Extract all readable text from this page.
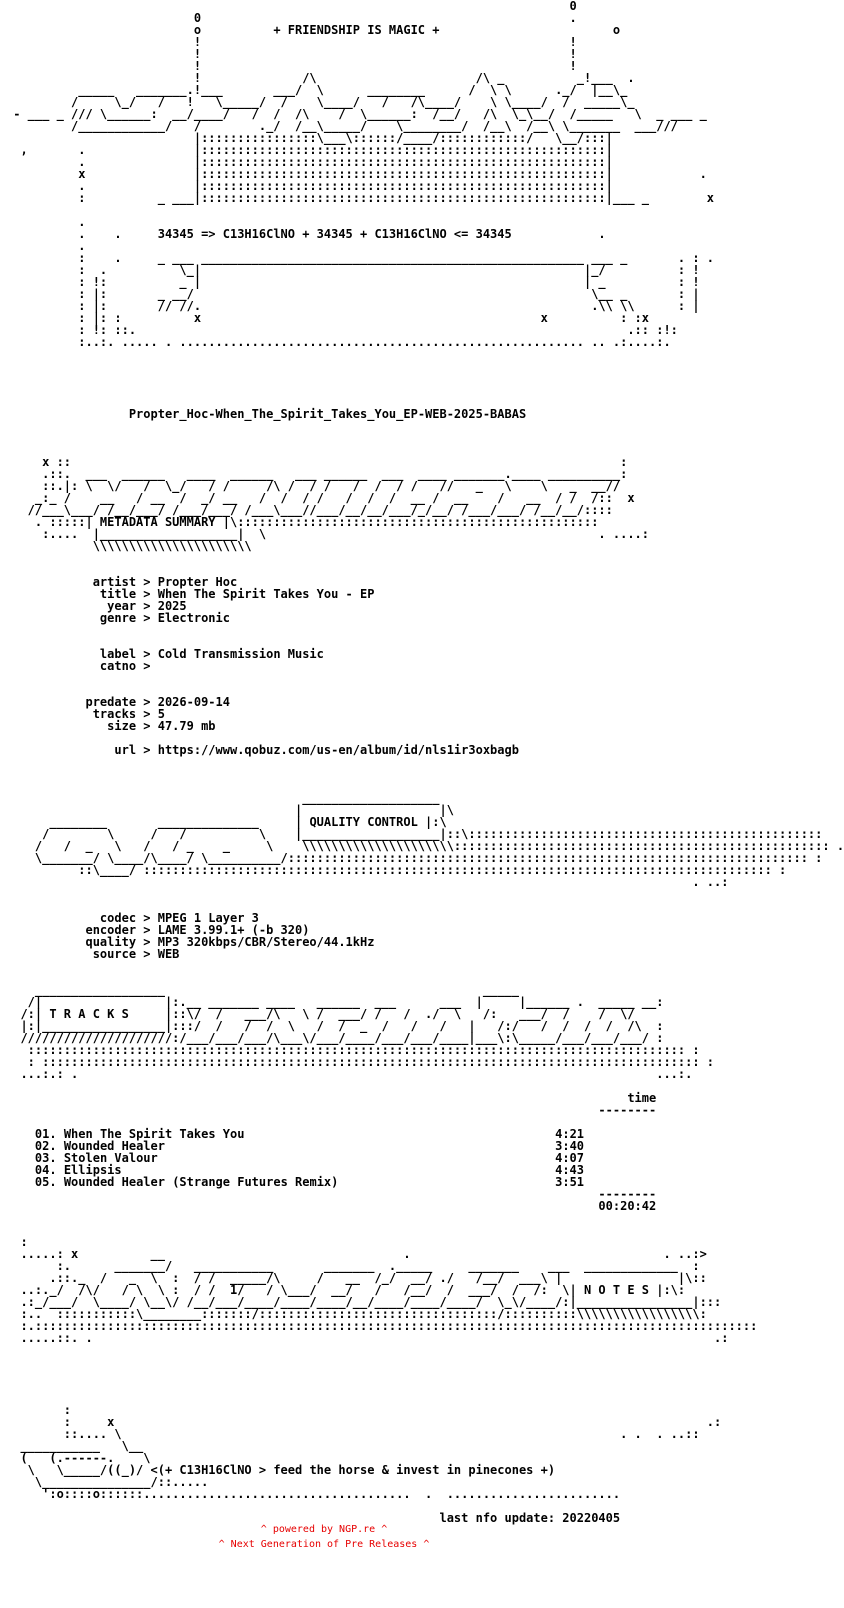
0
0                                                   .
o	+ FRIENDSHIP IS MAGIC +	o
!                                                   !
!                                                   !
!                                                   !
!              /\                      /\ _          _!___  .
_____   _______.!___       ___/  \      ________      /  \ \      ._/  |__\_
/     \_/   /   !   \_____/  /    \____/   /   /\____/    \ \____/  /  _____\_
- ___ _ /// \______:  __/____/   /  /  /\    /  \______:  /__/   /\  \_\__/  /_____   \  _ ___ _
/____________/   /        ._/  /__\_____/    \________/  /__\  /__\ \_______  ___///
|::::::::::::::::\___\::::::/____/::::::::::::/   \__/:::|
,       .               |::::::::::::::::::::::::::::::::::::::::::::::::::::::::|
.               |::::::::::::::::::::::::::::::::::::::::::::::::::::::::|
x               |::::::::::::::::::::::::::::::::::::::::::::::::::::::::|            .
.               |::::::::::::::::::::::::::::::::::::::::::::::::::::::::|
:          _ ___|::::::::::::::::::::::::::::::::::::::::::::::::::::::::|___ _        x

.
.    .	34345 => C13H16ClNO + 34345 + C13H16ClNO <= 34345	.
.
:    .     _ ___ _____________________________________________________ ___ _       . : .
:  .          \_|                                                     |_/          : !
: !:          _ |                                                     | _          : !
: |:       _ __/                                                       \__ _       : |
: |:       // //.                                                      .\\ \\      : |
: |: :          x                                               x          : :x
: !: ::.                                                                    .:: :!:
:..:. ..... . ........................................................ .. .:....:.

Propter_Hoc-When_The_Spirit_Takes_You_EP-WEB-2025-BABAS

x ::                                                                            :
.::.  ___  ______   ____  ______   ___ ______  ___  ____ _______.____ __________:
::.|: \  \/   /  \_/   / /     /\ /  / /   /  /  / /   //   _   \    \   _  __//
_:_ /    __   / __  /  _/ __   /  /  / /   /  /  /  __ /  __    /   __  / /  /::  x
//___\___/ /__/___/ /___/___/ /___\___//___/__/__/___/_/__/ /___/___/ /__/__/::::
. :::::| METADATA SUMMARY |\::::::::::::::::::::::::::::::::::::::::::::::::::
:....  |___________________|  \                                              . ....:
\\\\\\\\\\\\\\\\\\\\\\

artist > Propter Hoc
title > When The Spirit Takes You - EP
year > 2025
genre > Electronic

label > Cold Transmission Music
catno >

predate > 2026-09-14
tracks > 5
size > 47.79 mb

url > https://www.qobuz.com/us-en/album/id/nls1ir3oxbagb

___________________
|                   |\
________       ______________     | QUALITY CONTROL |:\
/        \     /   /          \    |___________________|::\:::::::::::::::::::::::::::::::::::::::::::::::::
/   /  _   \   /   / _    _     \    \\\\\\\\\\\\\\\\\\\\\:::::::::::::::::::::::::::::::::::::::::::::::::::: .
\_______/ \____/\____/ \__________/:::::::::::::::::::::::::::::::::::::::::::::::::::::::::::::::::::::::: :
::\____/ ::::::::::::::::::::::::::::::::::::::::::::::::::::::::::::::::::::::::::::::::::::::: :
. ..:

codec > MPEG 1 Layer 3
encoder > LAME 3.99.1+ (-b 320)
quality > MP3 320kbps/CBR/Stereo/44.1kHz
source > WEB

__________________                                            _____
/|                 |:.__ _______ ____   ______  ___      ___  |     |______ .  _____ __:
/:| T R A C K S	|::\/  /   ___/\   \ /  ___/ /   /  ./  \   /:   ___/  /    /  \/
|:|_________________|:::/  /   /  /  \   /  /  _  /   /   /   |   /:/   /  /  /  /  /\  :
/////////////////////:/___/___/___/\___\/___/____/___/___/____|___\:\_____/___/___/___/ :
::::::::::::::::::::::::::::::::::::::::::::::::::::::::::::::::::::::::::::::::::::::::::: :
: ::::::::::::::::::::::::::::::::::::::::::::::::::::::::::::::::::::::::::::::::::::::::::: :
...:.: .                                                                                ...:.

time
--------

01. When The Spirit Takes You	4:21
02. Wounded Healer	3:40
03. Stolen Valour	4:07
04. Ellipsis	4:43
05. Wounded Healer (Strange Futures Remix)	3:51
--------
00:20:42

:
.....: x          __                                 .                                   . ..:>
:.      _______/   ___________       _______  ._____     _______    ___  _____________  :
.::._  /   _  \  :  / /  _____/\     /   __  /_/  __/ ./   /__/  ___\ |                |\::
..:._/  /\/   / \  \ :  / /  1/   / \___/  __/   /   /__/  /  ___/  /  /:  \| N O T E S |:\:
.:_/___/  \____/ \__\/ /__/___/____/____/____/__/____/____/____/  \_\/____/:|________________|:::
:..  :::::::::::\________:::::::/:::::::::::::::::::::::::::::::::/::::::::::\\\\\\\\\\\\\\\\\:
:.::::::::::::::::::::::::::::::::::::::::::::::::::::::::::::::::::::::::::::::::::::::::::::::::::::
.....::. .                                                                                      .:

:
:     x                                                                                  .:
::.... \                                                                     . .  . ..::
___________   \__
(   (.------.    \
\   \_____/((_)/ <(+ C13H16ClNO > feed the horse & invest in pinecones +)
\_______________/::.....
':o::::o::::::.....................................  .  ........................

last nfo update: 20220405
^ powered by NGP.re ^
^ Next Generation of Pre Releases ^
